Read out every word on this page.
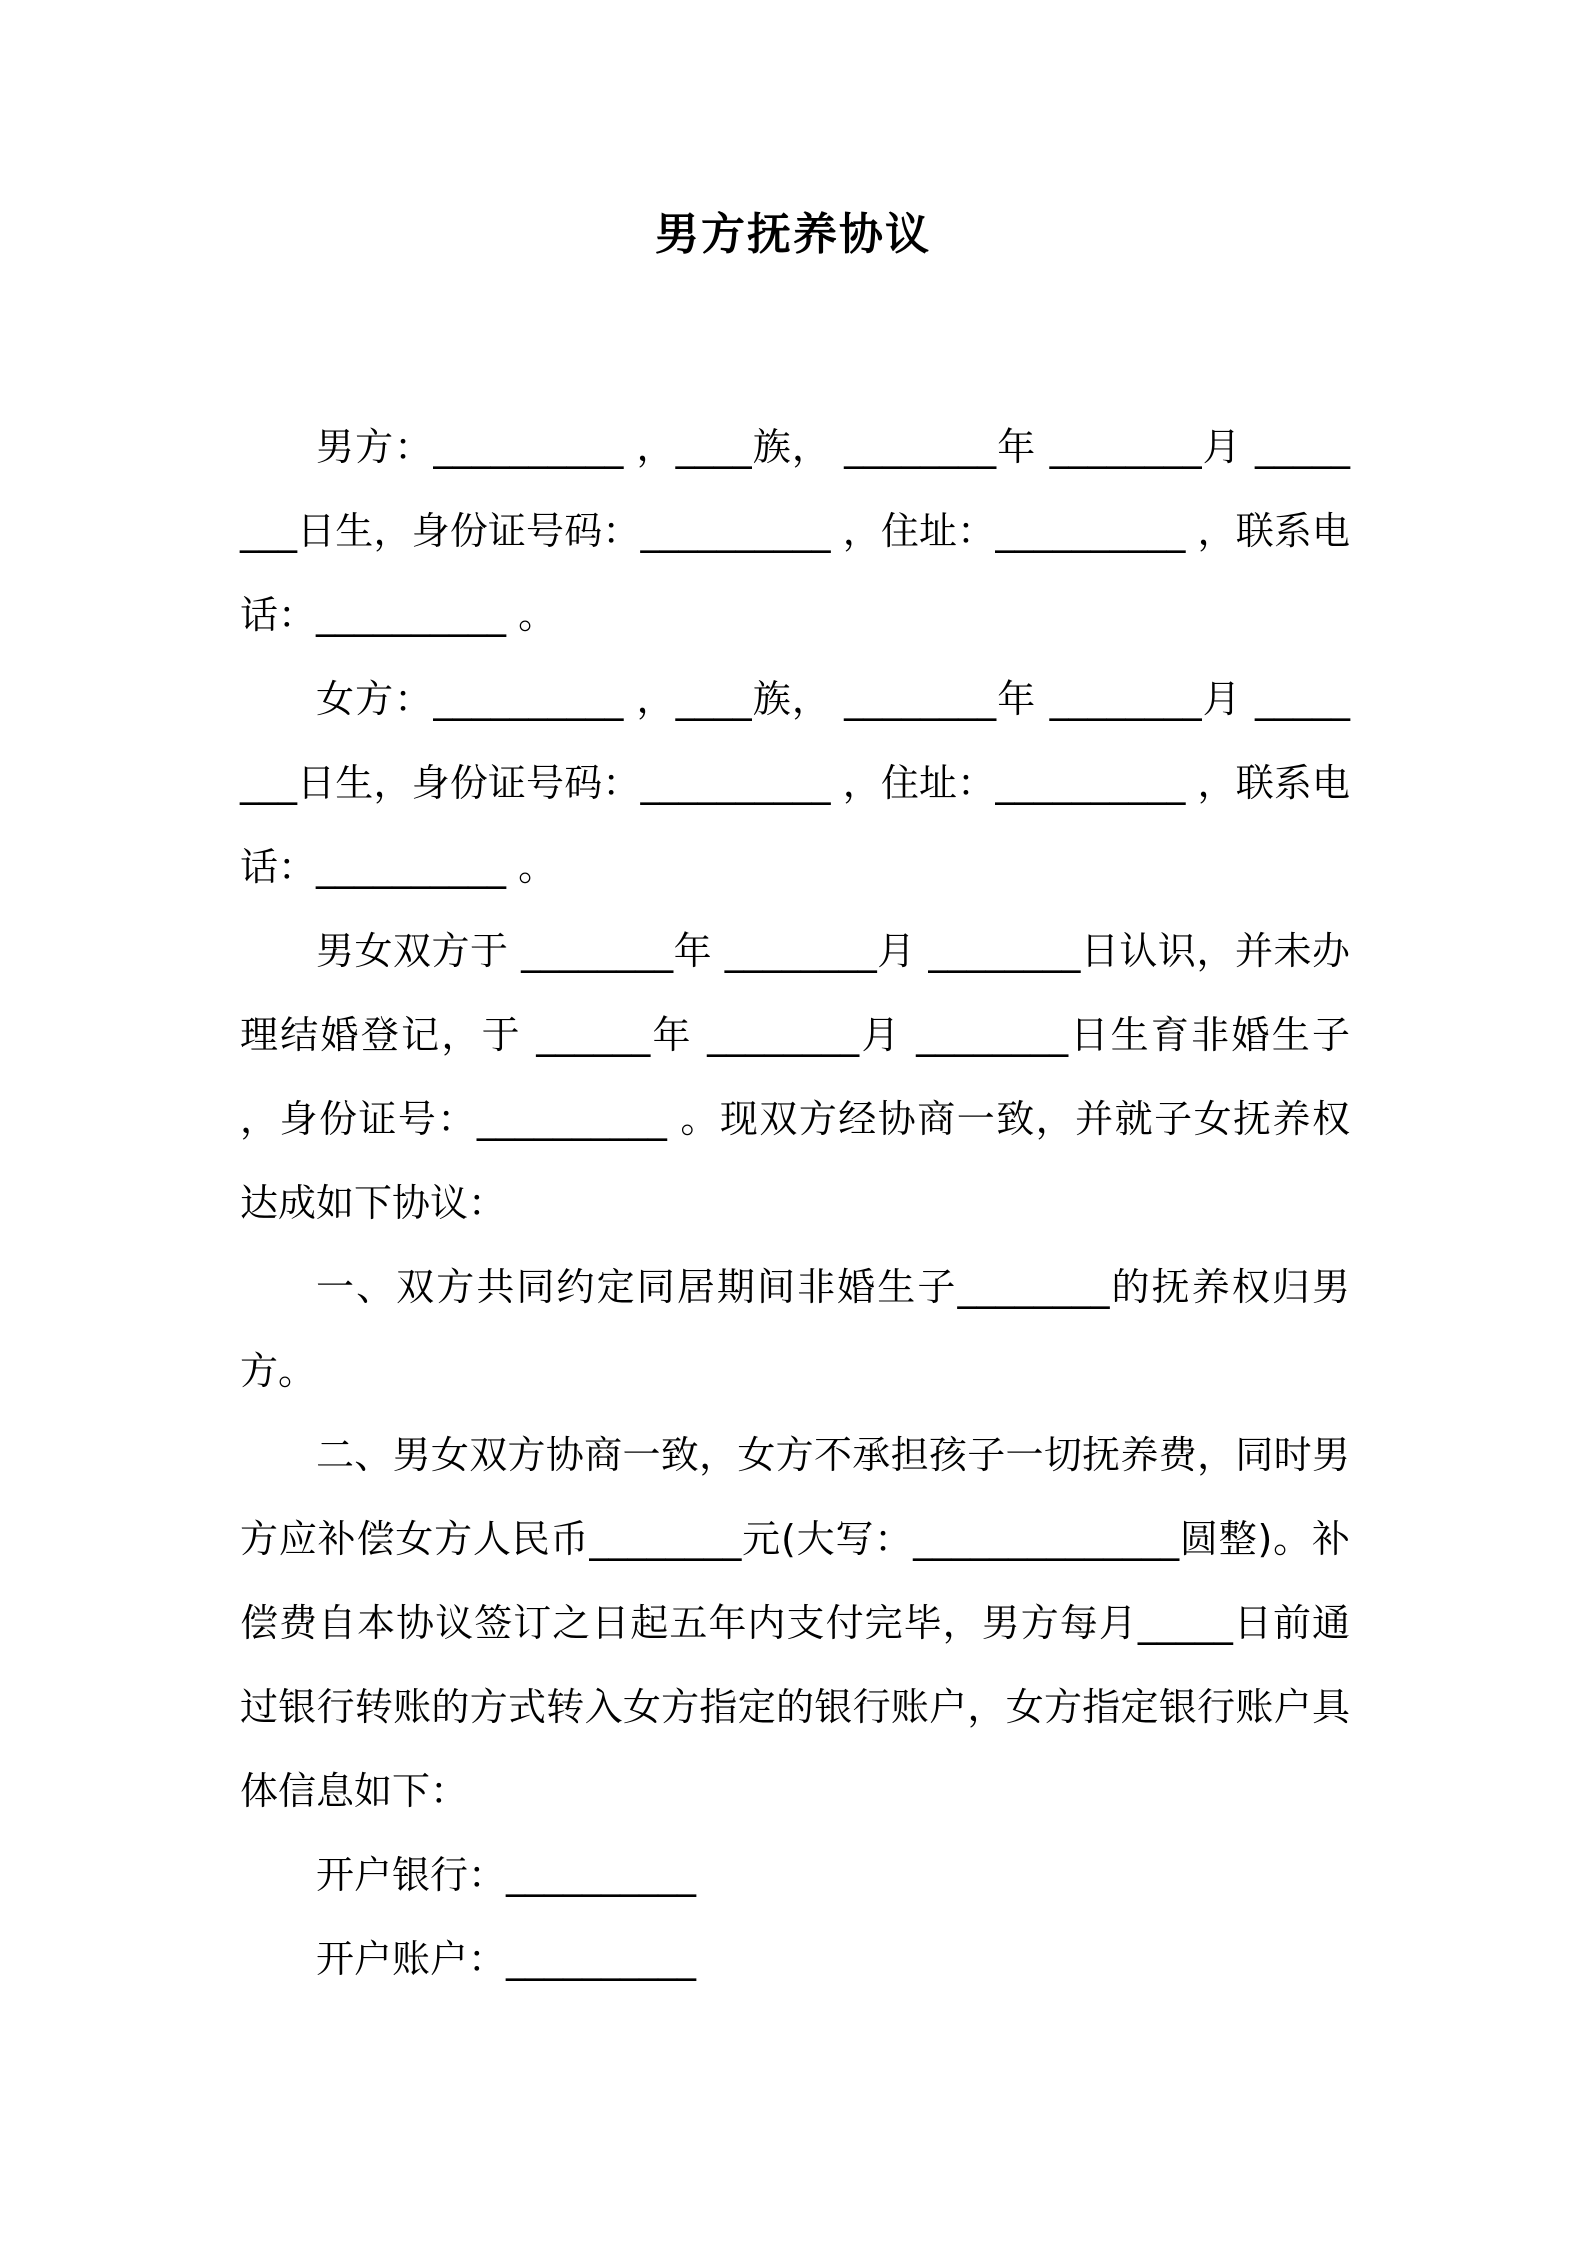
男方抚养协议

男方：__________ ，____族， ________年 ________月 ________日生，身份证号码：__________ ，住址：__________ ，联系电话：__________ 。

女方：__________ ，____族， ________年 ________月 ________日生，身份证号码：__________ ，住址：__________ ，联系电话：__________ 。

男女双方于 ________年 ________月 ________日认识，并未办理结婚登记，于 ______年 ________月 ________日生育非婚生子 ，身份证号：__________ 。现双方经协商一致，并就子女抚养权达成如下协议：

一、双方共同约定同居期间非婚生子________的抚养权归男方。

二、男女双方协商一致，女方不承担孩子一切抚养费，同时男方应补偿女方人民币________元(大写：______________圆整)。补偿费自本协议签订之日起五年内支付完毕，男方每月_____日前通过银行转账的方式转入女方指定的银行账户，女方指定银行账户具体信息如下：

开户银行：__________

开户账户：__________
